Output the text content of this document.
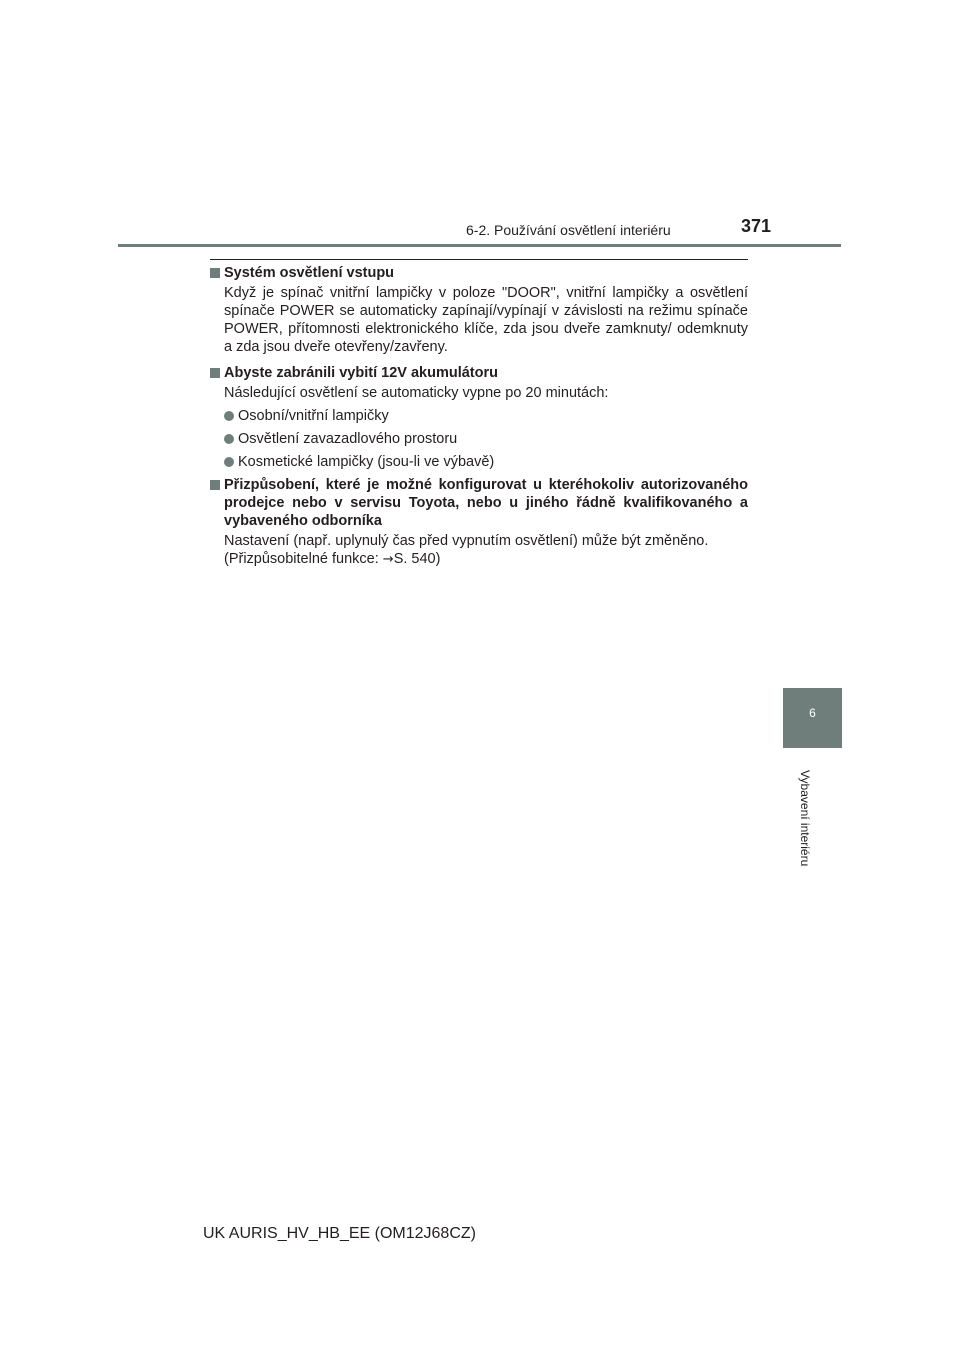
6-2. Používání osvětlení interiéru	371
Systém osvětlení vstupu
Když je spínač vnitřní lampičky v poloze "DOOR", vnitřní lampičky a osvětlení spínače POWER se automaticky zapínají/vypínají v závislosti na režimu spínače POWER, přítomnosti elektronického klíče, zda jsou dveře zamknuty/ odemknuty a zda jsou dveře otevřeny/zavřeny.
Abyste zabránili vybití 12V akumulátoru
Následující osvětlení se automaticky vypne po 20 minutách:
Osobní/vnitřní lampičky
Osvětlení zavazadlového prostoru
Kosmetické lampičky (jsou-li ve výbavě)
Přizpůsobení, které je možné konfigurovat u kteréhokoliv autorizovaného prodejce nebo v servisu Toyota, nebo u jiného řádně kvalifikovaného a vybaveného odborníka
Nastavení (např. uplynulý čas před vypnutím osvětlení) může být změněno.
(Přizpůsobitelné funkce: →S. 540)
6
Vybavení interiéru
UK AURIS_HV_HB_EE (OM12J68CZ)
